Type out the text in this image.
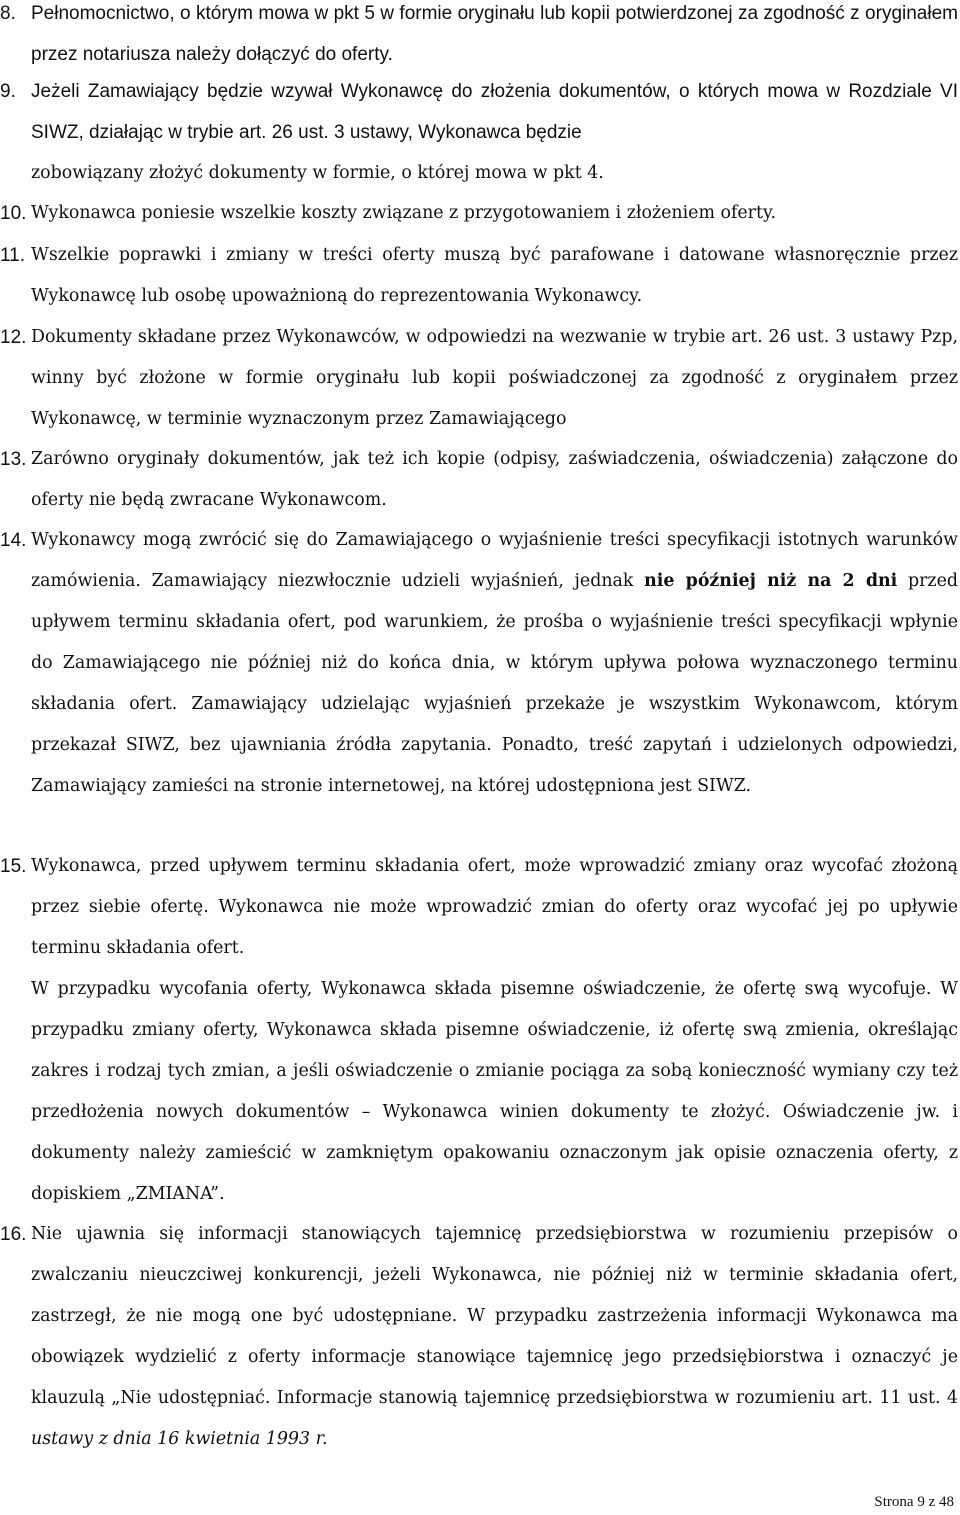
8. Pełnomocnictwo, o którym mowa w pkt 5 w formie oryginału lub kopii potwierdzonej za zgodność z oryginałem przez notariusza należy dołączyć do oferty.
9. Jeżeli Zamawiający będzie wzywał Wykonawcę do złożenia dokumentów, o których mowa w Rozdziale VI SIWZ, działając w trybie art. 26 ust. 3 ustawy, Wykonawca będzie
zobowiązany złożyć dokumenty w formie, o której mowa w pkt 4.
10. Wykonawca poniesie wszelkie koszty związane z przygotowaniem i złożeniem oferty.
11. Wszelkie poprawki i zmiany w treści oferty muszą być parafowane i datowane własnoręcznie przez Wykonawcę lub osobę upoważnioną do reprezentowania Wykonawcy.
12. Dokumenty składane przez Wykonawców, w odpowiedzi na wezwanie w trybie art. 26 ust. 3 ustawy Pzp, winny być złożone w formie oryginału lub kopii poświadczonej za zgodność z oryginałem przez Wykonawcę, w terminie wyznaczonym przez Zamawiającego
13. Zarówno oryginały dokumentów, jak też ich kopie (odpisy, zaświadczenia, oświadczenia) załączone do oferty nie będą zwracane Wykonawcom.
14. Wykonawcy mogą zwrócić się do Zamawiającego o wyjaśnienie treści specyfikacji istotnych warunków zamówienia. Zamawiający niezwłocznie udzieli wyjaśnień, jednak nie później niż na 2 dni przed upływem terminu składania ofert, pod warunkiem, że prośba o wyjaśnienie treści specyfikacji wpłynie do Zamawiającego nie później niż do końca dnia, w którym upływa połowa wyznaczonego terminu składania ofert. Zamawiający udzielając wyjaśnień przekaże je wszystkim Wykonawcom, którym przekazał SIWZ, bez ujawniania źródła zapytania. Ponadto, treść zapytań i udzielonych odpowiedzi, Zamawiający zamieści na stronie internetowej, na której udostępniona jest SIWZ.
15. Wykonawca, przed upływem terminu składania ofert, może wprowadzić zmiany oraz wycofać złożoną przez siebie ofertę. Wykonawca nie może wprowadzić zmian do oferty oraz wycofać jej po upływie terminu składania ofert.
W przypadku wycofania oferty, Wykonawca składa pisemne oświadczenie, że ofertę swą wycofuje. W przypadku zmiany oferty, Wykonawca składa pisemne oświadczenie, iż ofertę swą zmienia, określając zakres i rodzaj tych zmian, a jeśli oświadczenie o zmianie pociąga za sobą konieczność wymiany czy też przedłożenia nowych dokumentów – Wykonawca winien dokumenty te złożyć. Oświadczenie jw. i dokumenty należy zamieścić w zamkniętym opakowaniu oznaczonym jak opisie oznaczenia oferty, z dopiskiem „ZMIANA”.
16. Nie ujawnia się informacji stanowiących tajemnicę przedsiębiorstwa w rozumieniu przepisów o zwalczaniu nieuczciwej konkurencji, jeżeli Wykonawca, nie później niż w terminie składania ofert, zastrzegł, że nie mogą one być udostępniane. W przypadku zastrzeżenia informacji Wykonawca ma obowiązek wydzielić z oferty informacje stanowiące tajemnicę jego przedsiębiorstwa i oznaczyć je klauzulą „Nie udostępniać. Informacje stanowią tajemnicę przedsiębiorstwa w rozumieniu art. 11 ust. 4 ustawy z dnia 16 kwietnia 1993 r.
Strona 9 z 48
